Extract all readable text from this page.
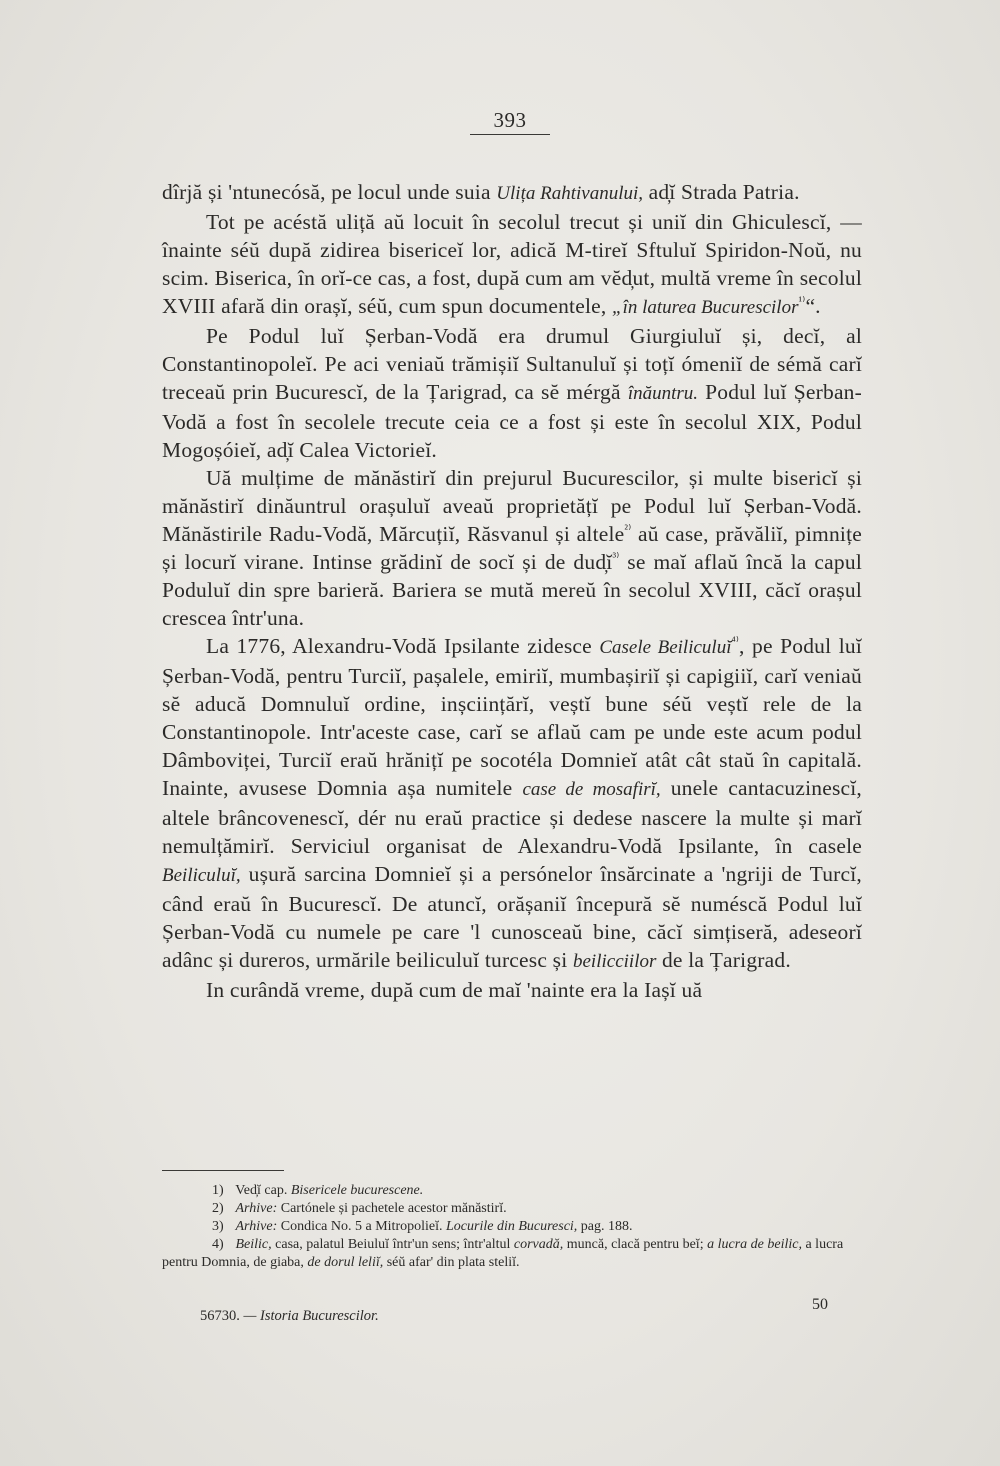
393

dîrjă și 'ntunecósă, pe locul unde suia Ulița Rahtivanului, ad̦ĭ Strada Patria.

Tot pe acéstă uliță aŭ locuit în secolul trecut și uniĭ din Ghiculescĭ, — înainte séŭ după zidirea bisericeĭ lor, adică M-tireĭ Sftuluĭ Spiridon-Noŭ, nu scim. Biserica, în orĭ-ce cas, a fost, după cum am vĕd̦ut, multă vreme în secolul XVIII afară din orașĭ, séŭ, cum spun documentele, „în laturea Bucurescilor$^{^{1)}}$“.

Pe Podul luĭ Șerban-Vodă era drumul Giurgiuluĭ și, decĭ, al Constantinopoleĭ. Pe aci veniaŭ trămișiĭ Sultanuluĭ și toțĭ ómeniĭ de sémă carĭ treceaŭ prin Bucurescĭ, de la Țarigrad, ca sĕ mérgă înăuntru. Podul luĭ Șerban-Vodă a fost în secolele trecute ceia ce a fost și este în secolul XIX, Podul Mogoșóieĭ, ad̦ĭ Calea Victorieĭ.

Uă mulțime de mănăstirĭ din prejurul Bucurescilor, și multe bisericĭ și mănăstirĭ dinăuntrul orașuluĭ aveaŭ proprietățĭ pe Podul luĭ Șerban-Vodă. Mănăstirile Radu-Vodă, Mărcuțiĭ, Răsvanul și altele$^{^{2)}}$ aŭ case, prăvăliĭ, pimnițe și locurĭ virane. Intinse grădinĭ de socĭ și de $dud̦ĭ^{^{3)}}$ se maĭ aflaŭ încă la capul Poduluĭ din spre barieră. Bariera se mută mereŭ în secolul XVIII, căcĭ orașul cresceа într'una.

La 1776, Alexandru-Vodă Ipsilante zidesce Casele Beiliculuĭ$^{^{4)}}$, pe Podul luĭ Șerban-Vodă, pentru Turciĭ, pașalele, emiriĭ, mumbașiriĭ și capigiiĭ, carĭ veniaŭ sĕ aducă Domnuluĭ ordine, inșciințărĭ, veștĭ bune séŭ veștĭ rele de la Constantinopole. Intr'aceste case, carĭ se aflaŭ cam pe unde este acum podul Dâmboviței, Turciĭ eraŭ hrănițĭ pe socotéla Domnieĭ atât cât staŭ în capitală. Inainte, avusese Domnia așa numitele case de mosafirĭ, unele cantacuzinescĭ, altele brâncovenescĭ, dér nu eraŭ practice și dedese nascere la multe și marĭ nemulțămirĭ. Serviciul organisat de Alexandru-Vodă Ipsilante, în casele Beiliculuĭ, ușură sarcina Domnieĭ și a persónelor însărcinate a 'ngriji de Turcĭ, când eraŭ în Bucurescĭ. De atuncĭ, orășaniĭ începură sĕ numéscă Podul luĭ Șerban-Vodă cu numele pe care 'l cunosceaŭ bine, căcĭ simțiseră, adeseorĭ adânc și dureros, urmările beiliculuĭ turcesc și beilicciilor de la Țarigrad.

In curândă vreme, după cum de maĭ 'nainte era la Iașĭ uă

1) Ved̦ĭ cap. Bisericele bucurescene.

2) Arhive: Cartónele și pachetele acestor mănăstirĭ.

3) Arhive: Condica No. 5 a Mitropolieĭ. Locurile din Bucuresci, pag. 188.

4) Beilic, casa, palatul Beiuluĭ într'un sens; într'altul corvadă, muncă, clacă pentru beĭ; a lucra de beilic, a lucra pentru Domnia, de giaba, de dorul leliĭ, séŭ afar' din plata steliĭ.

56730. — Istoria Bucurescilor.
50
